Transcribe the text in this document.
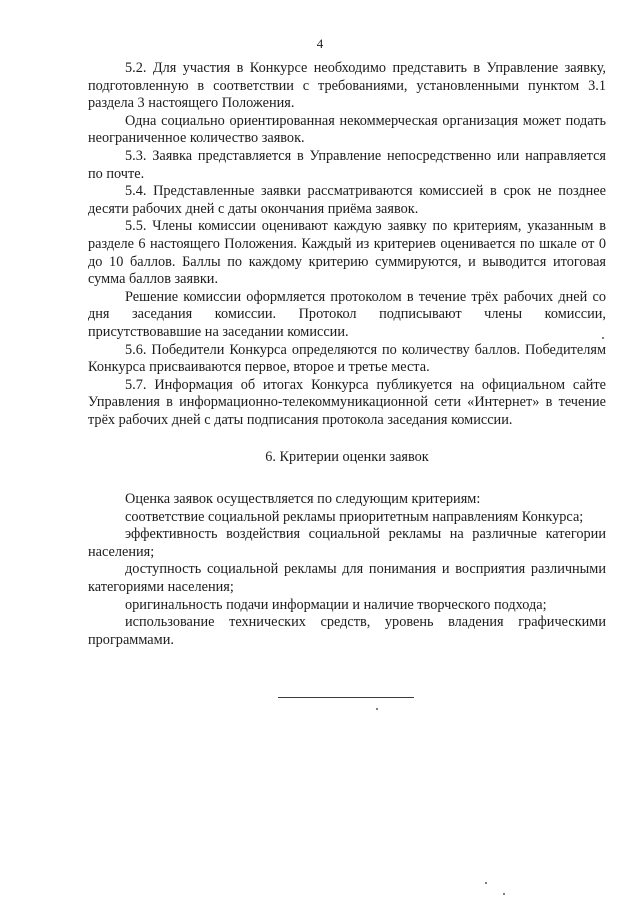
4

5.2. Для участия в Конкурсе необходимо представить в Управление заявку, подготовленную в соответствии с требованиями, установленными пунктом 3.1 раздела 3 настоящего Положения.

Одна социально ориентированная некоммерческая организация может подать неограниченное количество заявок.

5.3. Заявка представляется в Управление непосредственно или направляется по почте.

5.4. Представленные заявки рассматриваются комиссией в срок не позднее десяти рабочих дней с даты окончания приёма заявок.

5.5. Члены комиссии оценивают каждую заявку по критериям, указанным в разделе 6 настоящего Положения. Каждый из критериев оценивается по шкале от 0 до 10 баллов. Баллы по каждому критерию суммируются, и выводится итоговая сумма баллов заявки.

Решение комиссии оформляется протоколом в течение трёх рабочих дней со дня заседания комиссии. Протокол подписывают члены комиссии, присутствовавшие на заседании комиссии.

5.6. Победители Конкурса определяются по количеству баллов. Победителям Конкурса присваиваются первое, второе и третье места.

5.7. Информация об итогах Конкурса публикуется на официальном сайте Управления в информационно-телекоммуникационной сети «Интернет» в течение трёх рабочих дней с даты подписания протокола заседания комиссии.

6. Критерии оценки заявок

Оценка заявок осуществляется по следующим критериям:

соответствие социальной рекламы приоритетным направлениям Конкурса;

эффективность воздействия социальной рекламы на различные категории населения;

доступность социальной рекламы для понимания и восприятия различными категориями населения;

оригинальность подачи информации и наличие творческого подхода;

использование технических средств, уровень владения графическими программами.
